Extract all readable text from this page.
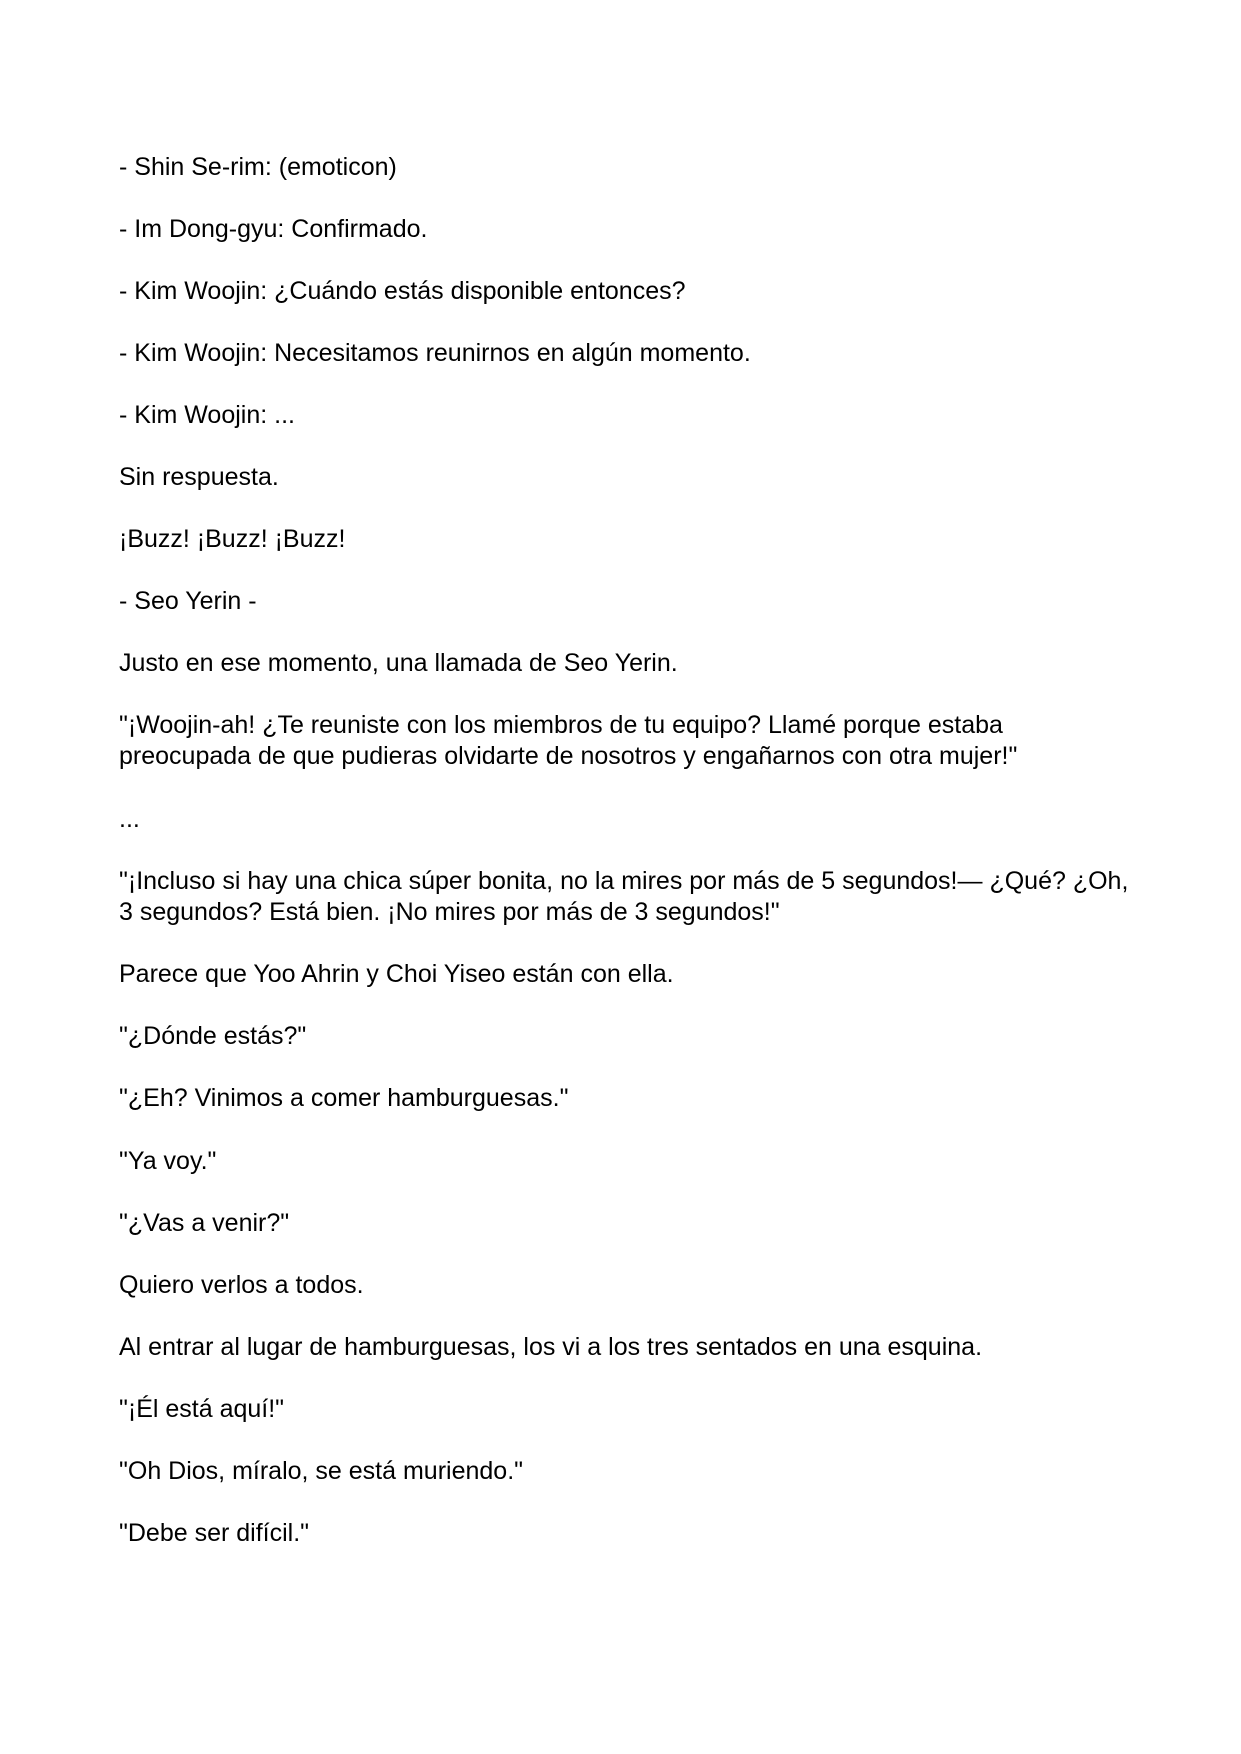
- Shin Se-rim: (emoticon)

- Im Dong-gyu: Confirmado.

- Kim Woojin: ¿Cuándo estás disponible entonces?

- Kim Woojin: Necesitamos reunirnos en algún momento.

- Kim Woojin: ...

Sin respuesta.

¡Buzz! ¡Buzz! ¡Buzz!

- Seo Yerin -

Justo en ese momento, una llamada de Seo Yerin.

"¡Woojin-ah! ¿Te reuniste con los miembros de tu equipo? Llamé porque estaba preocupada de que pudieras olvidarte de nosotros y engañarnos con otra mujer!"

...

"¡Incluso si hay una chica súper bonita, no la mires por más de 5 segundos!— ¿Qué? ¿Oh, 3 segundos? Está bien. ¡No mires por más de 3 segundos!"

Parece que Yoo Ahrin y Choi Yiseo están con ella.

"¿Dónde estás?"

"¿Eh? Vinimos a comer hamburguesas."

"Ya voy."

"¿Vas a venir?"

Quiero verlos a todos.

Al entrar al lugar de hamburguesas, los vi a los tres sentados en una esquina.

"¡Él está aquí!"

"Oh Dios, míralo, se está muriendo."

"Debe ser difícil."
